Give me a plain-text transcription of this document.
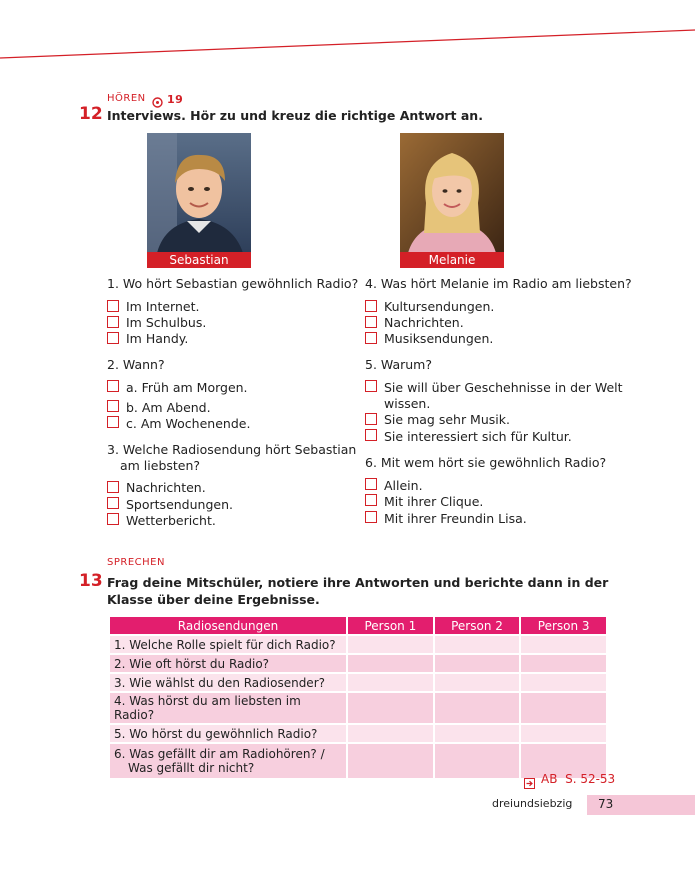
HÖREN 19
12 Interviews. Hör zu und kreuz die richtige Antwort an.
Sebastian	Melanie
1. Wo hört Sebastian gewöhnlich Radio?
Im Internet.
Im Schulbus.
Im Handy.
2. Wann?
a. Früh am Morgen.
b. Am Abend.
c. Am Wochenende.
3. Welche Radiosendung hört Sebastian
am liebsten?
Nachrichten.
Sportsendungen.
Wetterbericht.
4. Was hört Melanie im Radio am liebsten?
Kultursendungen.
Nachrichten.
Musiksendungen.
5. Warum?
Sie will über Geschehnisse in der Welt
wissen.
Sie mag sehr Musik.
Sie interessiert sich für Kultur.
6. Mit wem hört sie gewöhnlich Radio?
Allein.
Mit ihrer Clique.
Mit ihrer Freundin Lisa.
SPRECHEN
13 Frag deine Mitschüler, notiere ihre Antworten und berichte dann in der
Klasse über deine Ergebnisse.
Radiosendungen	Person 1	Person 2	Person 3
1. Welche Rolle spielt für dich Radio?			
2. Wie oft hörst du Radio?			
3. Wie wählst du den Radiosender?			
4. Was hörst du am liebsten im Radio?			
5. Wo hörst du gewöhnlich Radio?			

6. Was gefällt dir am Radiohören? /
Was gefällt dir nicht?			

AB  S. 52-53
dreiundsiebzig 73
